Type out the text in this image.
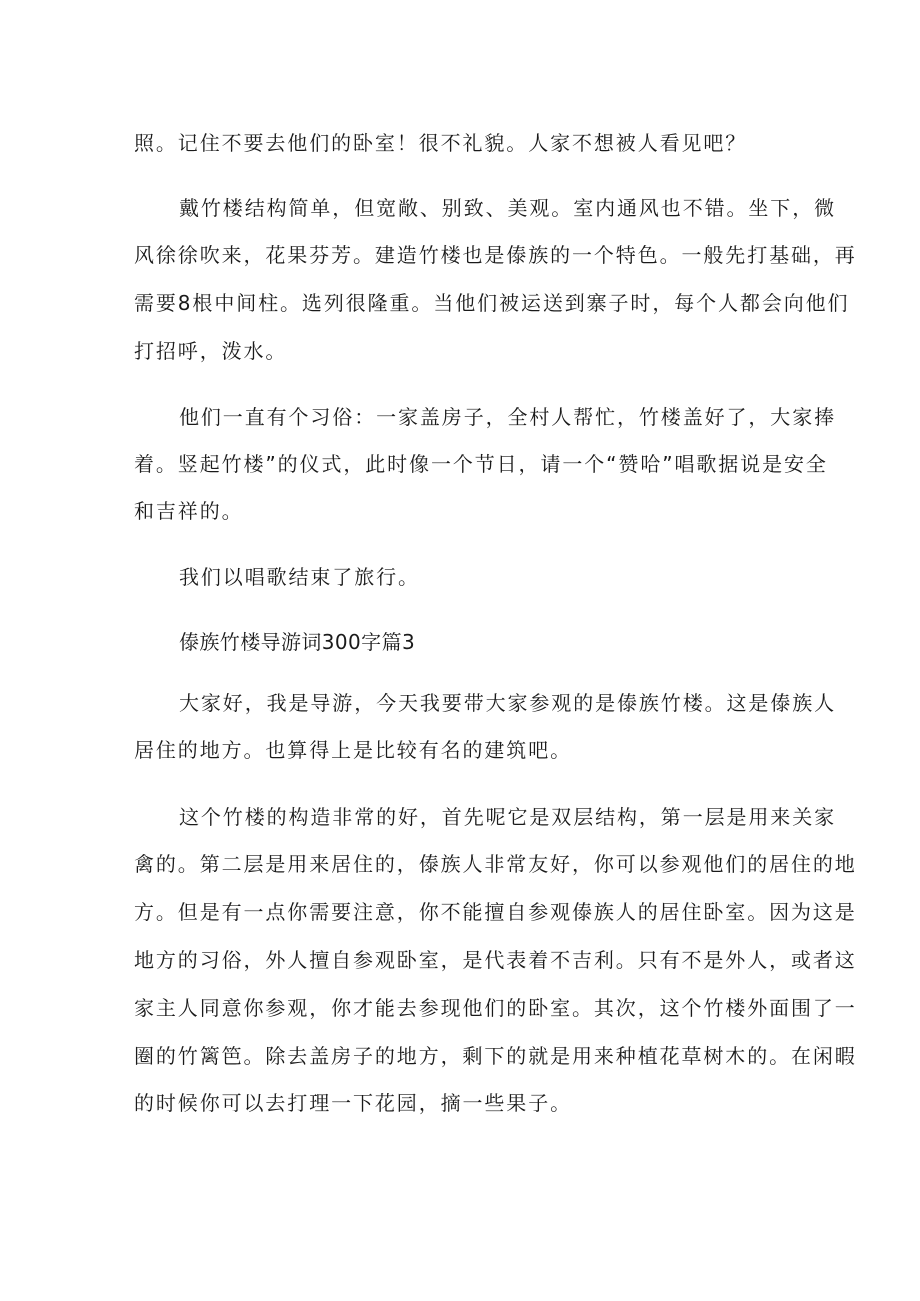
照。记住不要去他们的卧室！很不礼貌。人家不想被人看见吧？
戴竹楼结构简单，但宽敞、别致、美观。室内通风也不错。坐下，微
风徐徐吹来，花果芬芳。建造竹楼也是傣族的一个特色。一般先打基础，再
需要8根中间柱。选列很隆重。当他们被运送到寨子时，每个人都会向他们
打招呼，泼水。
他们一直有个习俗：一家盖房子，全村人帮忙，竹楼盖好了，大家捧
着。竖起竹楼”的仪式，此时像一个节日，请一个“赞哈”唱歌据说是安全
和吉祥的。
我们以唱歌结束了旅行。
傣族竹楼导游词300字篇3
大家好，我是导游，今天我要带大家参观的是傣族竹楼。这是傣族人
居住的地方。也算得上是比较有名的建筑吧。
这个竹楼的构造非常的好，首先呢它是双层结构，第一层是用来关家
禽的。第二层是用来居住的，傣族人非常友好，你可以参观他们的居住的地
方。但是有一点你需要注意，你不能擅自参观傣族人的居住卧室。因为这是
地方的习俗，外人擅自参观卧室，是代表着不吉利。只有不是外人，或者这
家主人同意你参观，你才能去参现他们的卧室。其次，这个竹楼外面围了一
圈的竹篱笆。除去盖房子的地方，剩下的就是用来种植花草树木的。在闲暇
的时候你可以去打理一下花园，摘一些果子。
